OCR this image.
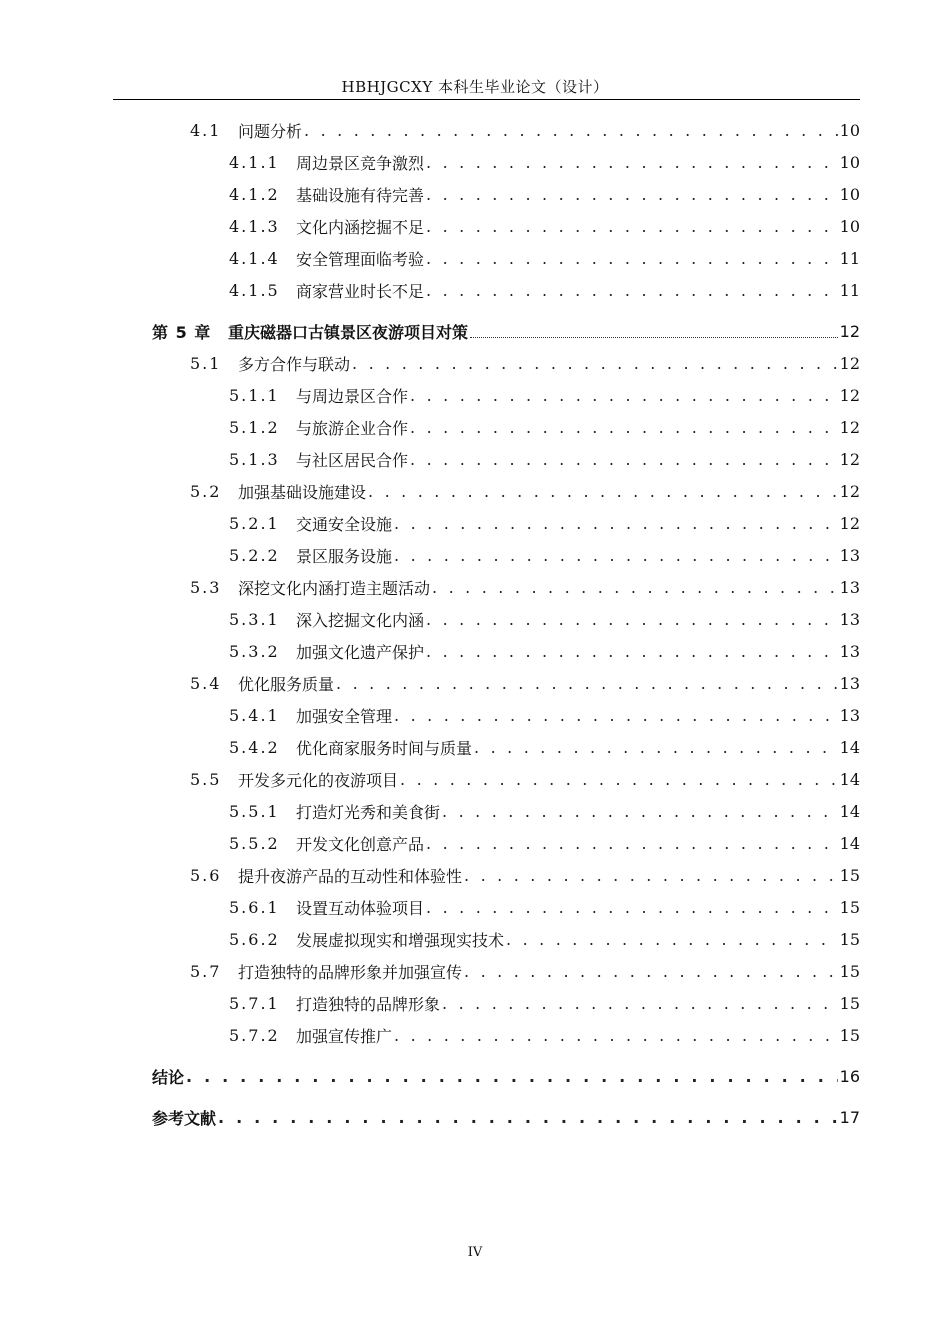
HBHJGCXY 本科生毕业论文（设计）
4.1	问题分析 . . .	10
4.1.1	周边景区竞争激烈 . . .	10
4.1.2	基础设施有待完善 . . .	10
4.1.3	文化内涵挖掘不足 . . .	10
4.1.4	安全管理面临考验 . . .	11
4.1.5	商家营业时长不足 . . .	11
第 5 章	重庆磁器口古镇景区夜游项目对策	12
5.1	多方合作与联动 . . .	12
5.1.1	与周边景区合作 . . .	12
5.1.2	与旅游企业合作 . . .	12
5.1.3	与社区居民合作 . . .	12
5.2	加强基础设施建设 . . .	12
5.2.1	交通安全设施 . . .	12
5.2.2	景区服务设施 . . .	13
5.3	深挖文化内涵打造主题活动 . . .	13
5.3.1	深入挖掘文化内涵 . . .	13
5.3.2	加强文化遗产保护 . . .	13
5.4	优化服务质量 . . .	13
5.4.1	加强安全管理 . . .	13
5.4.2	优化商家服务时间与质量 . . .	14
5.5	开发多元化的夜游项目 . . .	14
5.5.1	打造灯光秀和美食街 . . .	14
5.5.2	开发文化创意产品 . . .	14
5.6	提升夜游产品的互动性和体验性 . . .	15
5.6.1	设置互动体验项目 . . .	15
5.6.2	发展虚拟现实和增强现实技术 . . .	15
5.7	打造独特的品牌形象并加强宣传 . . .	15
5.7.1	打造独特的品牌形象 . . .	15
5.7.2	加强宣传推广 . . .	15
结论 . . .	16
参考文献 . . .	17
IV
